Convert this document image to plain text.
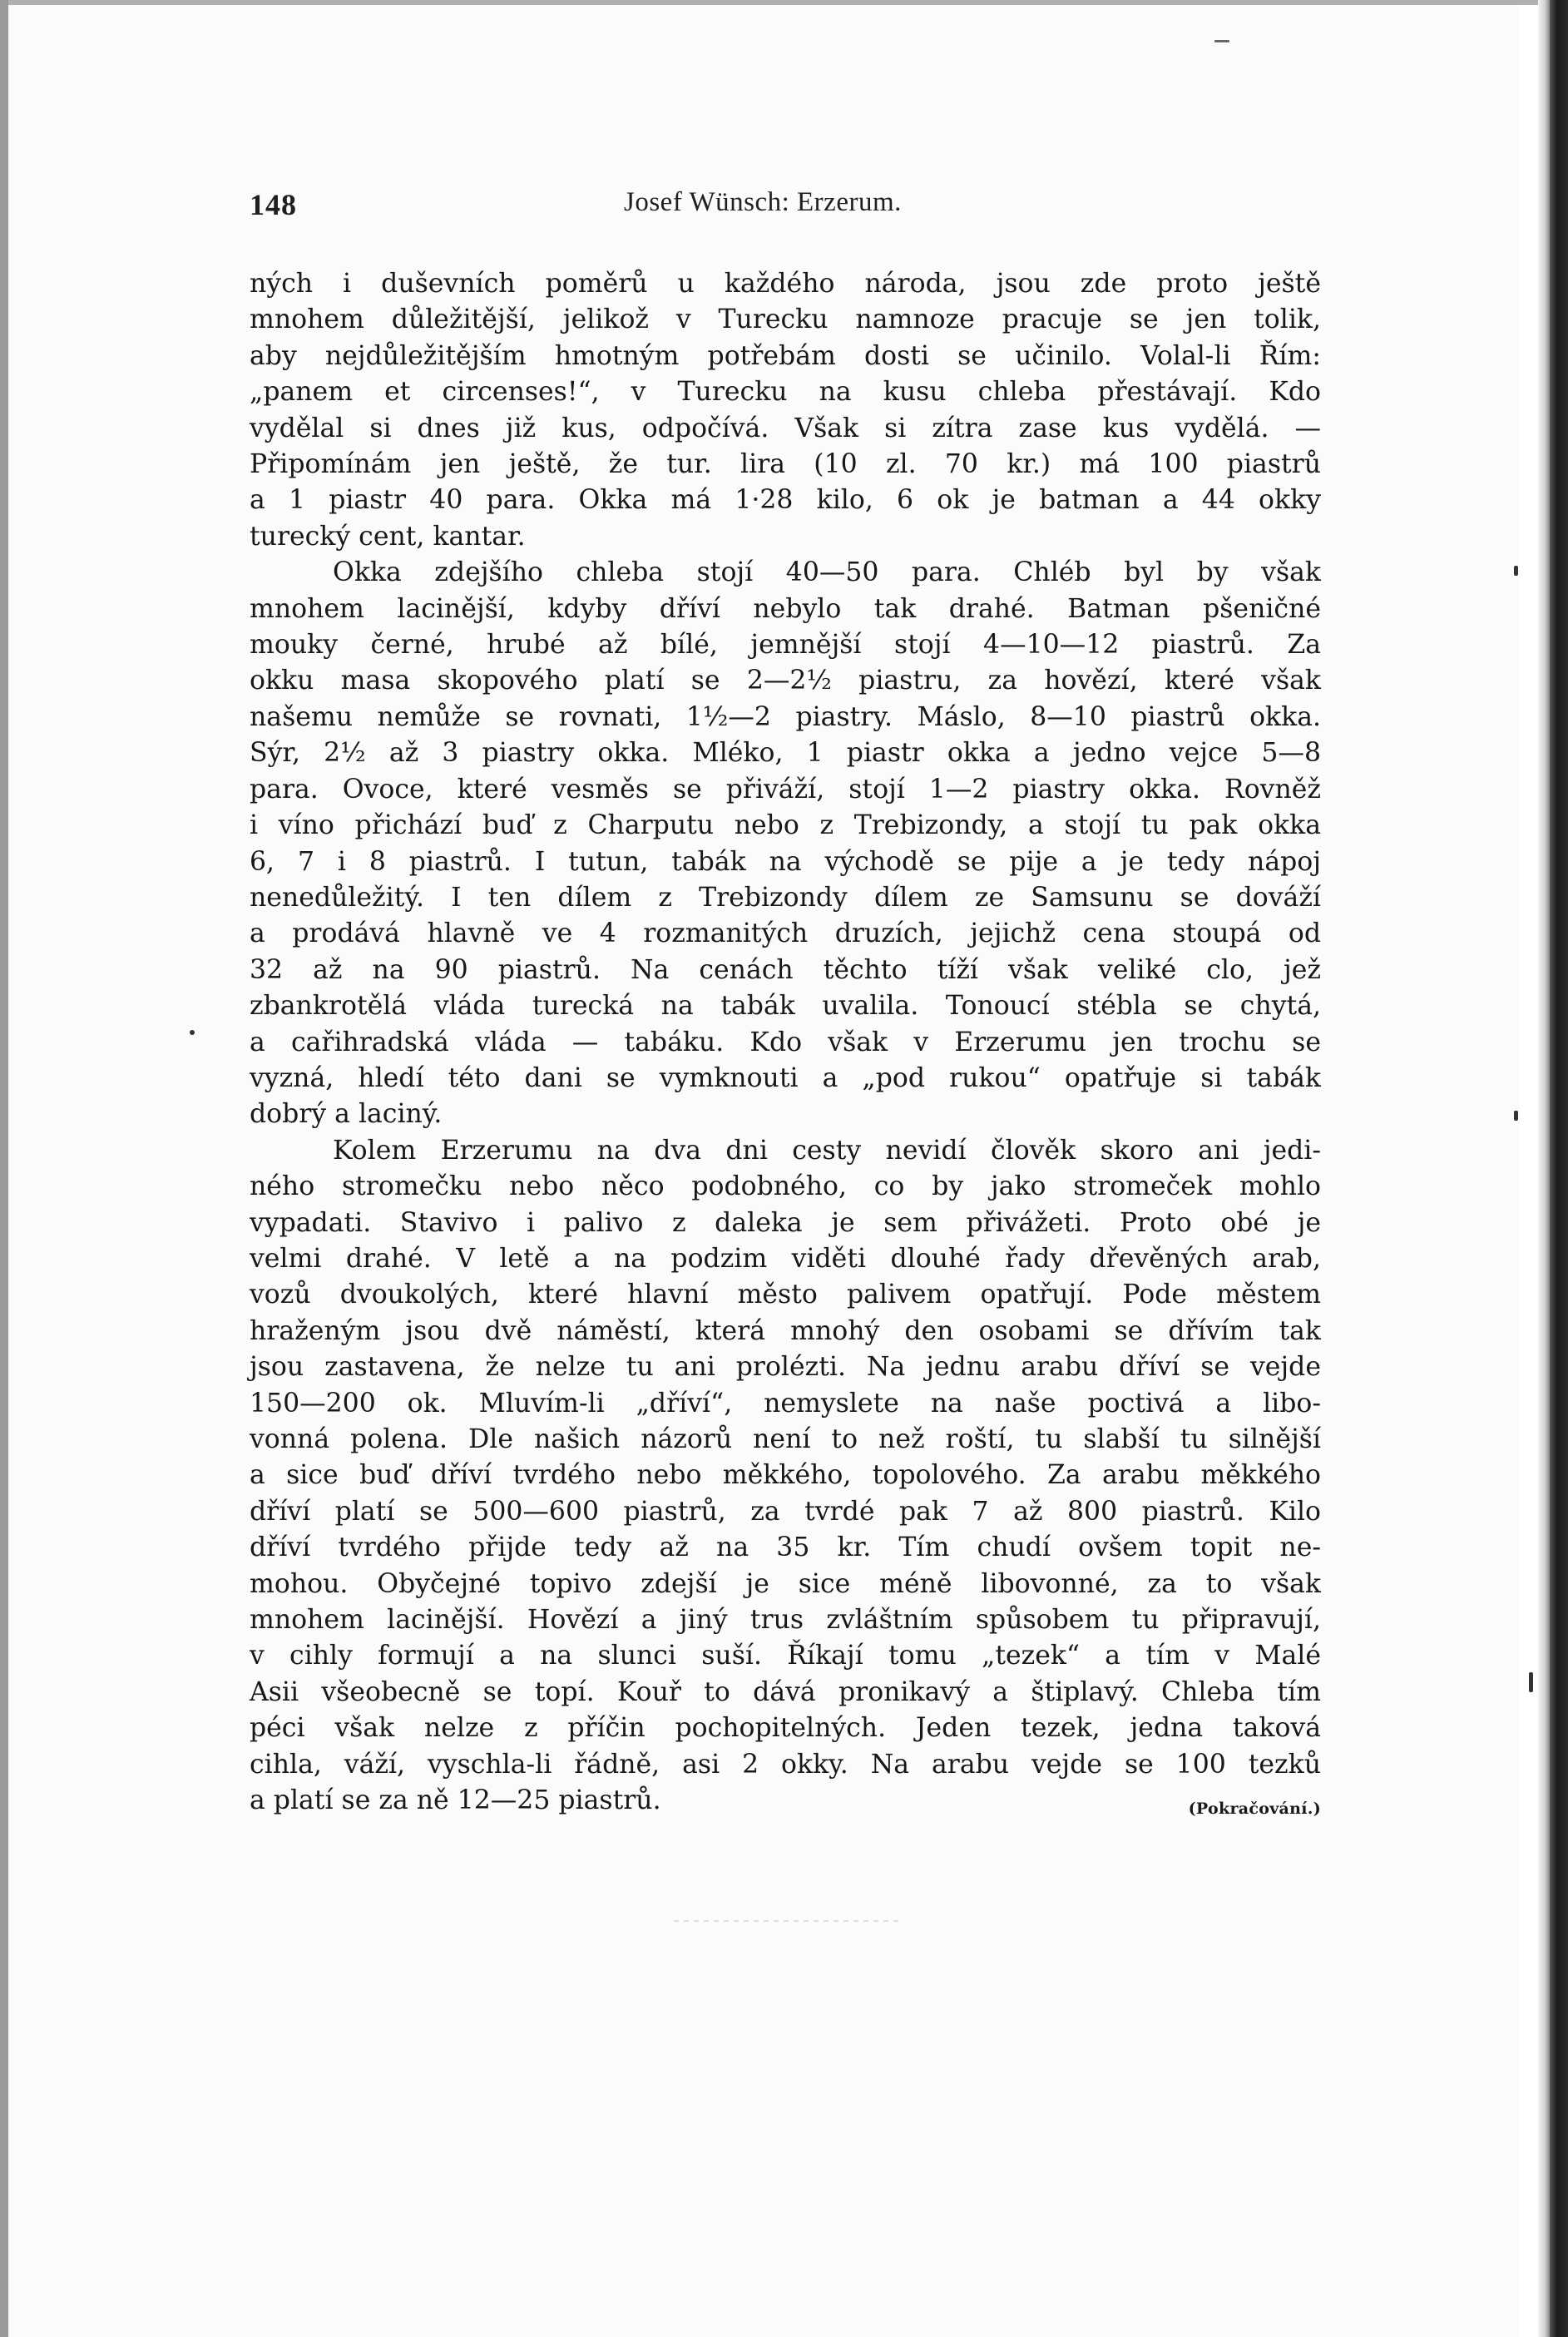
148	Josef Wünsch: Erzerum.

ných i duševních poměrů u každého národa, jsou zde proto ještě

mnohem důležitější, jelikož v Turecku namnoze pracuje se jen tolik,

aby nejdůležitějším hmotným potřebám dosti se učinilo. Volal-li Řím:

„panem et circenses!“, v Turecku na kusu chleba přestávají. Kdo

vydělal si dnes již kus, odpočívá. Však si zítra zase kus vydělá. —

Připomínám jen ještě, že tur. lira (10 zl. 70 kr.) má 100 piastrů

a 1 piastr 40 para. Okka má 1·28 kilo, 6 ok je batman a 44 okky

turecký cent, kantar.

Okka zdejšího chleba stojí 40—50 para. Chléb byl by však

mnohem lacinější, kdyby dříví nebylo tak drahé. Batman pšeničné

mouky černé, hrubé až bílé, jemnější stojí 4—10—12 piastrů. Za

okku masa skopového platí se 2—2½ piastru, za hovězí, které však

našemu nemůže se rovnati, 1½—2 piastry. Máslo, 8—10 piastrů okka.

Sýr, 2½ až 3 piastry okka. Mléko, 1 piastr okka a jedno vejce 5—8

para. Ovoce, které vesměs se přiváží, stojí 1—2 piastry okka. Rovněž

i víno přichází buď z Charputu nebo z Trebizondy, a stojí tu pak okka

6, 7 i 8 piastrů. I tutun, tabák na východě se pije a je tedy nápoj

nenedůležitý. I ten dílem z Trebizondy dílem ze Samsunu se dováží

a prodává hlavně ve 4 rozmanitých druzích, jejichž cena stoupá od

32 až na 90 piastrů. Na cenách těchto tíží však veliké clo, jež

zbankrotělá vláda turecká na tabák uvalila. Tonoucí stébla se chytá,

a cařihradská vláda — tabáku. Kdo však v Erzerumu jen trochu se

vyzná, hledí této dani se vymknouti a „pod rukou“ opatřuje si tabák

dobrý a laciný.

Kolem Erzerumu na dva dni cesty nevidí člověk skoro ani jedi-

ného stromečku nebo něco podobného, co by jako stromeček mohlo

vypadati. Stavivo i palivo z daleka je sem přivážeti. Proto obé je

velmi drahé. V letě a na podzim viděti dlouhé řady dřevěných arab,

vozů dvoukolých, které hlavní město palivem opatřují. Pode městem

hraženým jsou dvě náměstí, která mnohý den osobami se dřívím tak

jsou zastavena, že nelze tu ani prolézti. Na jednu arabu dříví se vejde

150—200 ok. Mluvím-li „dříví“, nemyslete na naše poctivá a libo-

vonná polena. Dle našich názorů není to než roští, tu slabší tu silnější

a sice buď dříví tvrdého nebo měkkého, topolového. Za arabu měkkého

dříví platí se 500—600 piastrů, za tvrdé pak 7 až 800 piastrů. Kilo

dříví tvrdého přijde tedy až na 35 kr. Tím chudí ovšem topit ne-

mohou. Obyčejné topivo zdejší je sice méně libovonné, za to však

mnohem lacinější. Hovězí a jiný trus zvláštním spůsobem tu připravují,

v cihly formují a na slunci suší. Říkají tomu „tezek“ a tím v Malé

Asii všeobecně se topí. Kouř to dává pronikavý a štiplavý. Chleba tím

péci však nelze z příčin pochopitelných. Jeden tezek, jedna taková

cihla, váží, vyschla-li řádně, asi 2 okky. Na arabu vejde se 100 tezků

a platí se za ně 12—25 piastrů.	(Pokračování.)
